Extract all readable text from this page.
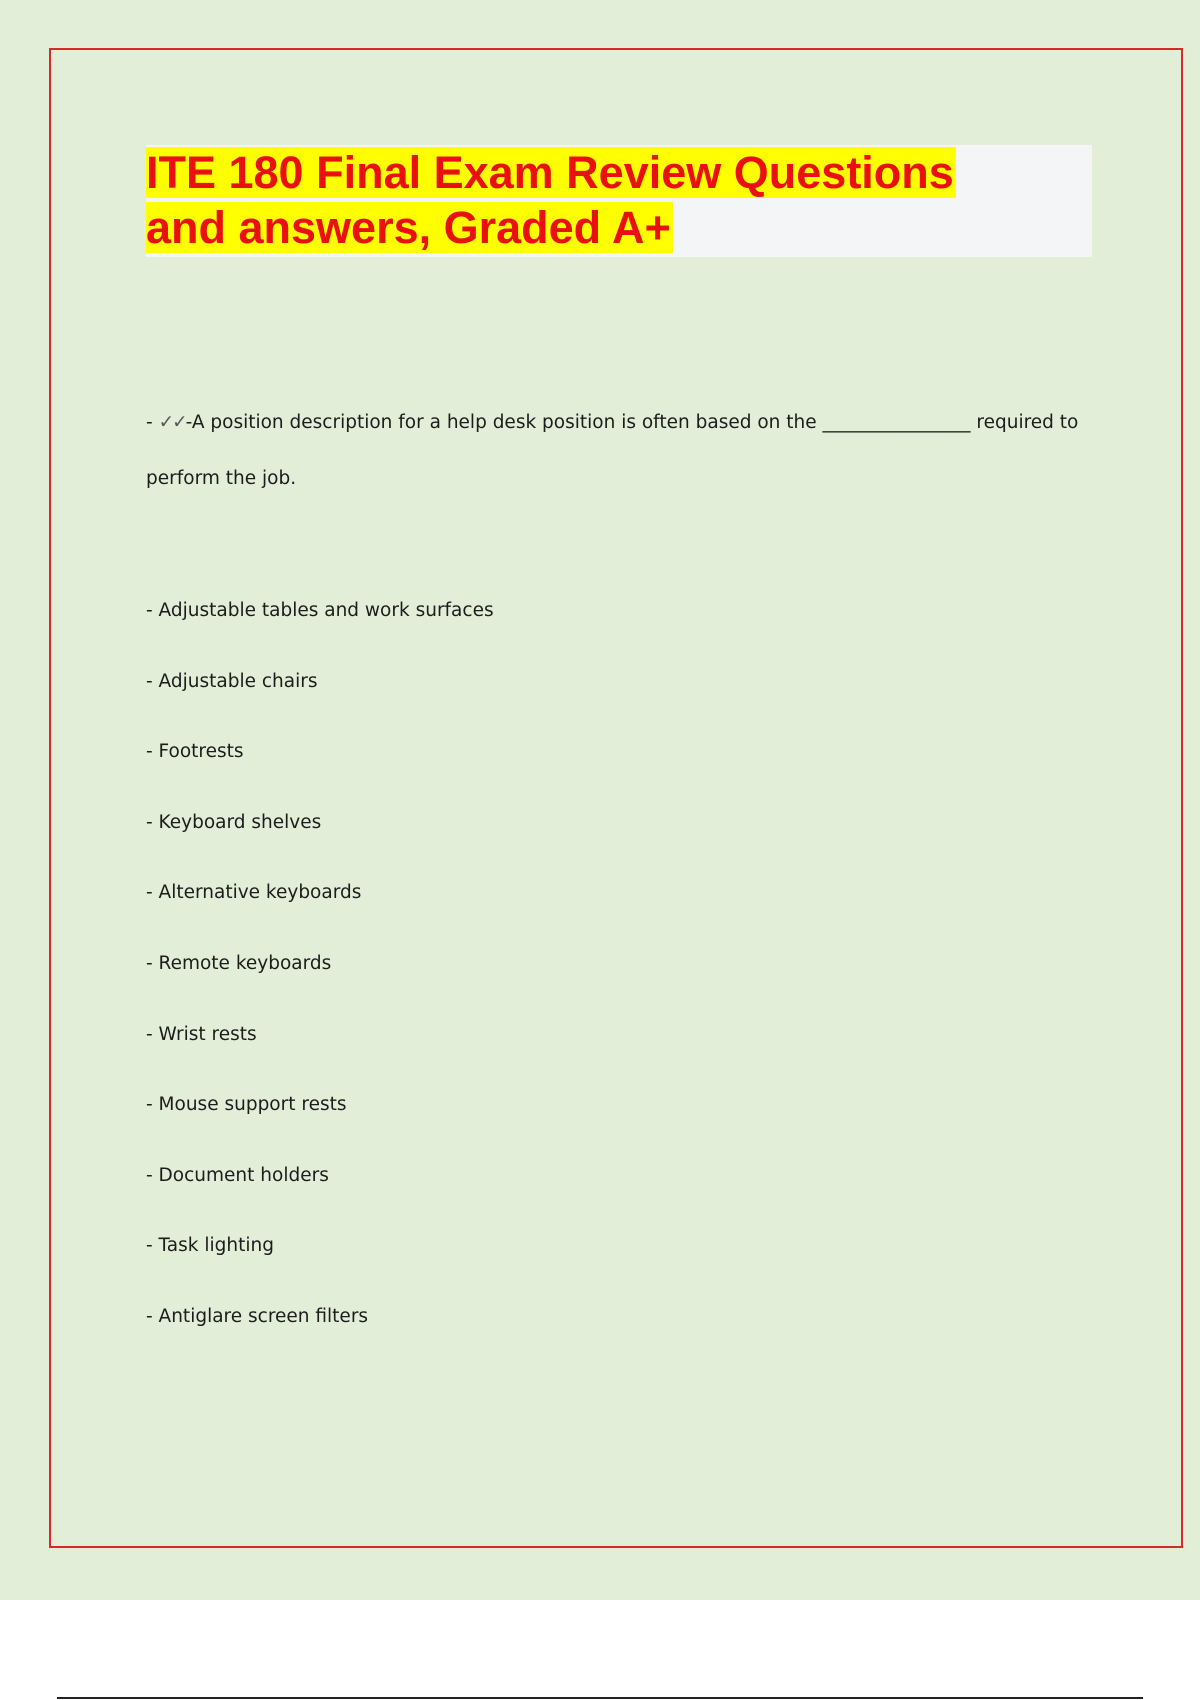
ITE 180 Final Exam Review Questions
and answers, Graded A+
- ✓✓-A position description for a help desk position is often based on the ________________ required to perform the job.
- Adjustable tables and work surfaces
- Adjustable chairs
- Footrests
- Keyboard shelves
- Alternative keyboards
- Remote keyboards
- Wrist rests
- Mouse support rests
- Document holders
- Task lighting
- Antiglare screen filters
